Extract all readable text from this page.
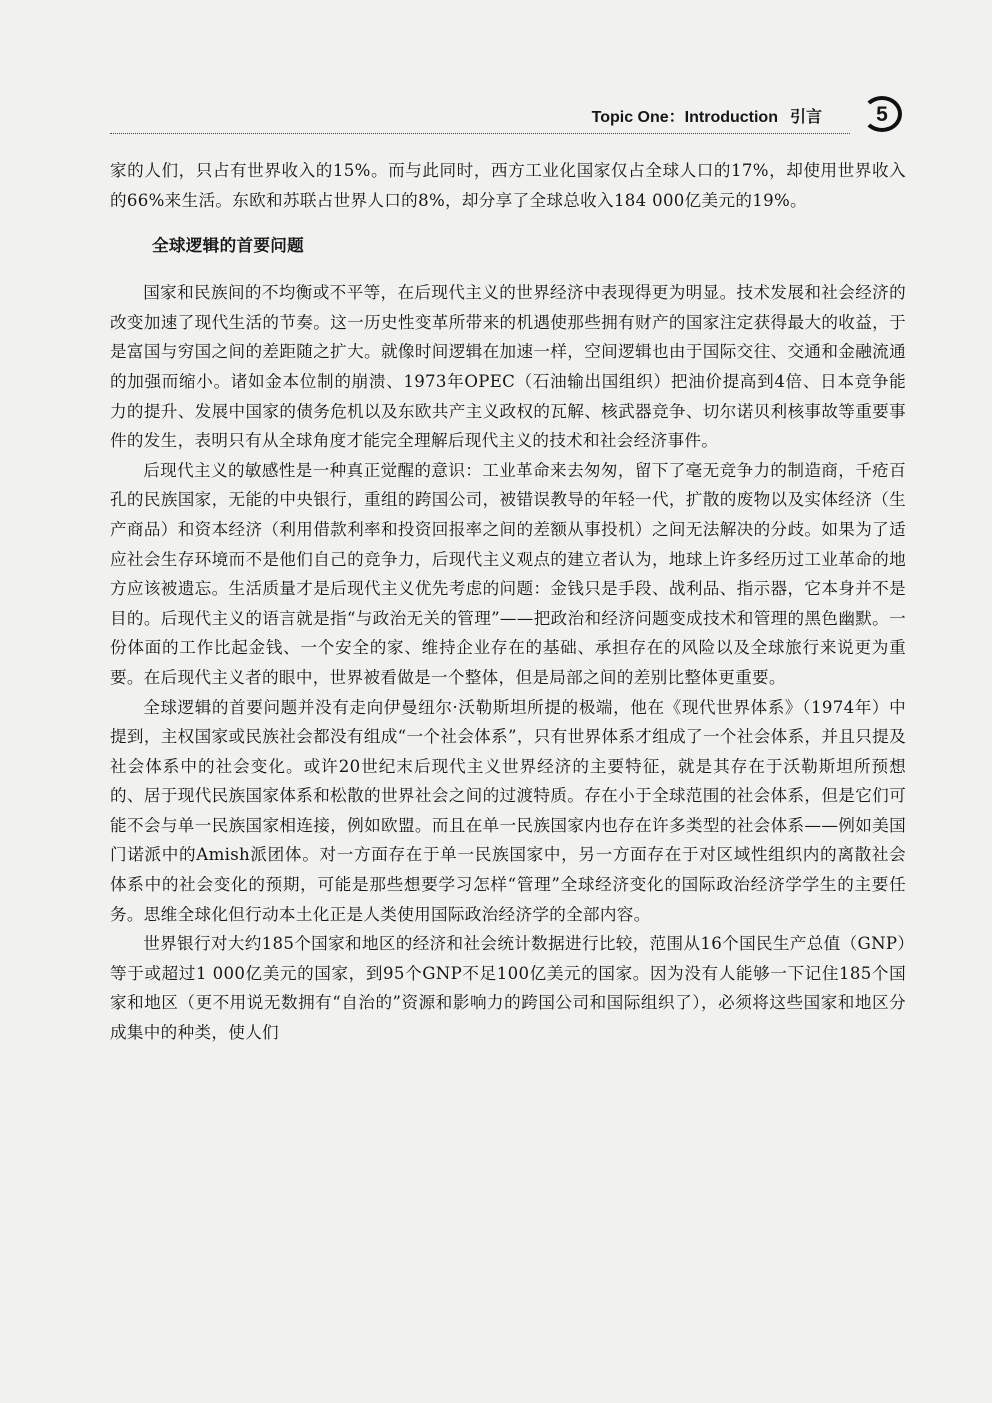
Topic One：Introduction 引言	5

家的人们，只占有世界收入的15%。而与此同时，西方工业化国家仅占全球人口的17%，却使用世界收入的66%来生活。东欧和苏联占世界人口的8%，却分享了全球总收入184 000亿美元的19%。

全球逻辑的首要问题

国家和民族间的不均衡或不平等，在后现代主义的世界经济中表现得更为明显。技术发展和社会经济的改变加速了现代生活的节奏。这一历史性变革所带来的机遇使那些拥有财产的国家注定获得最大的收益，于是富国与穷国之间的差距随之扩大。就像时间逻辑在加速一样，空间逻辑也由于国际交往、交通和金融流通的加强而缩小。诸如金本位制的崩溃、1973年OPEC（石油输出国组织）把油价提高到4倍、日本竞争能力的提升、发展中国家的债务危机以及东欧共产主义政权的瓦解、核武器竞争、切尔诺贝利核事故等重要事件的发生，表明只有从全球角度才能完全理解后现代主义的技术和社会经济事件。

后现代主义的敏感性是一种真正觉醒的意识：工业革命来去匆匆，留下了毫无竞争力的制造商，千疮百孔的民族国家，无能的中央银行，重组的跨国公司，被错误教导的年轻一代，扩散的废物以及实体经济（生产商品）和资本经济（利用借款利率和投资回报率之间的差额从事投机）之间无法解决的分歧。如果为了适应社会生存环境而不是他们自己的竞争力，后现代主义观点的建立者认为，地球上许多经历过工业革命的地方应该被遗忘。生活质量才是后现代主义优先考虑的问题：金钱只是手段、战利品、指示器，它本身并不是目的。后现代主义的语言就是指“与政治无关的管理”——把政治和经济问题变成技术和管理的黑色幽默。一份体面的工作比起金钱、一个安全的家、维持企业存在的基础、承担存在的风险以及全球旅行来说更为重要。在后现代主义者的眼中，世界被看做是一个整体，但是局部之间的差别比整体更重要。

全球逻辑的首要问题并没有走向伊曼纽尔·沃勒斯坦所提的极端，他在《现代世界体系》（1974年）中提到，主权国家或民族社会都没有组成“一个社会体系”，只有世界体系才组成了一个社会体系，并且只提及社会体系中的社会变化。或许20世纪末后现代主义世界经济的主要特征，就是其存在于沃勒斯坦所预想的、居于现代民族国家体系和松散的世界社会之间的过渡特质。存在小于全球范围的社会体系，但是它们可能不会与单一民族国家相连接，例如欧盟。而且在单一民族国家内也存在许多类型的社会体系——例如美国门诺派中的Amish派团体。对一方面存在于单一民族国家中，另一方面存在于对区域性组织内的离散社会体系中的社会变化的预期，可能是那些想要学习怎样“管理”全球经济变化的国际政治经济学学生的主要任务。思维全球化但行动本土化正是人类使用国际政治经济学的全部内容。

世界银行对大约185个国家和地区的经济和社会统计数据进行比较，范围从16个国民生产总值（GNP）等于或超过1 000亿美元的国家，到95个GNP不足100亿美元的国家。因为没有人能够一下记住185个国家和地区（更不用说无数拥有“自治的”资源和影响力的跨国公司和国际组织了），必须将这些国家和地区分成集中的种类，使人们
